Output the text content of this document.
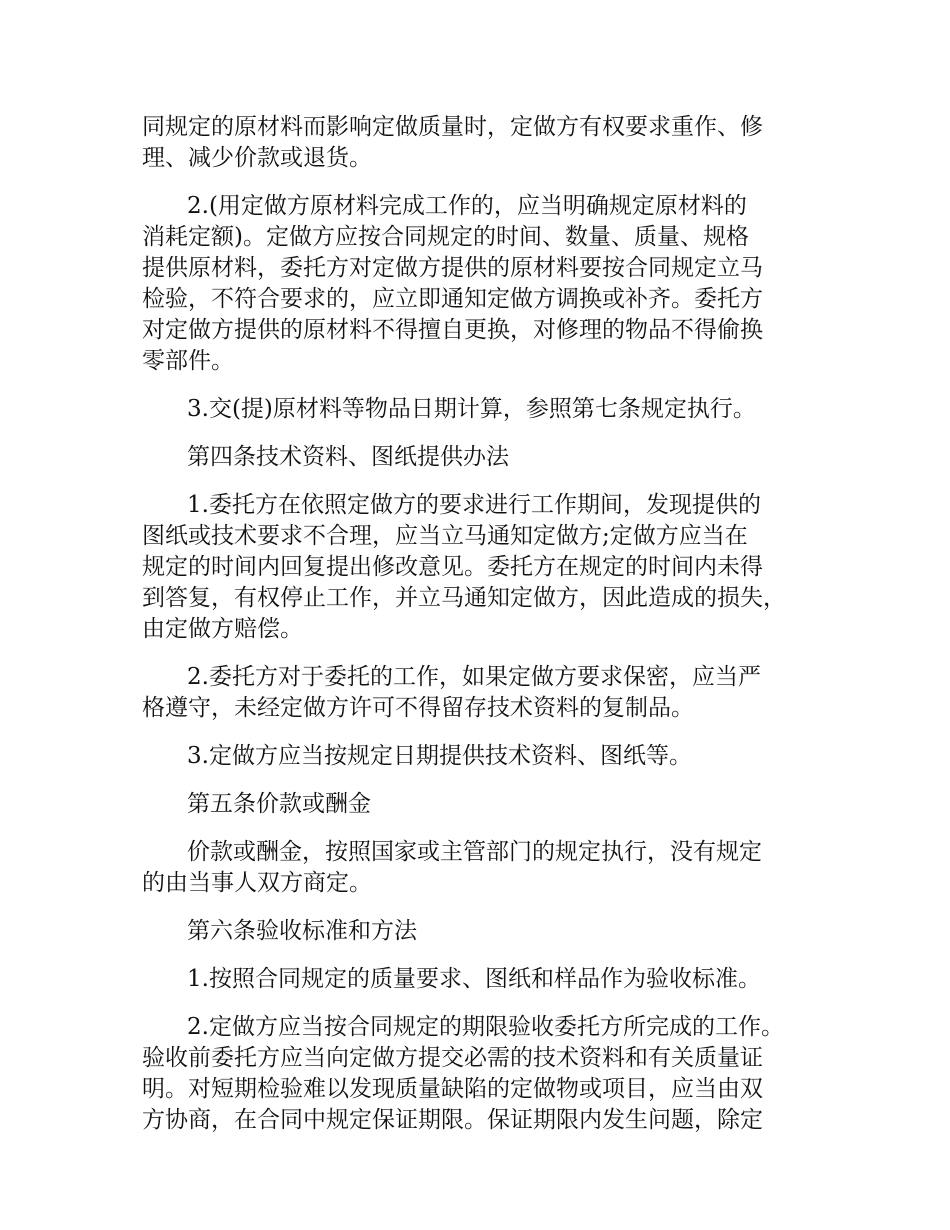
同规定的原材料而影响定做质量时，定做方有权要求重作、修
理、减少价款或退货。

2.(用定做方原材料完成工作的，应当明确规定原材料的
消耗定额)。定做方应按合同规定的时间、数量、质量、规格
提供原材料，委托方对定做方提供的原材料要按合同规定立马
检验，不符合要求的，应立即通知定做方调换或补齐。委托方
对定做方提供的原材料不得擅自更换，对修理的物品不得偷换
零部件。

3.交(提)原材料等物品日期计算，参照第七条规定执行。

第四条技术资料、图纸提供办法

1.委托方在依照定做方的要求进行工作期间，发现提供的
图纸或技术要求不合理，应当立马通知定做方;定做方应当在
规定的时间内回复提出修改意见。委托方在规定的时间内未得
到答复，有权停止工作，并立马通知定做方，因此造成的损失，
由定做方赔偿。

2.委托方对于委托的工作，如果定做方要求保密，应当严
格遵守，未经定做方许可不得留存技术资料的复制品。

3.定做方应当按规定日期提供技术资料、图纸等。

第五条价款或酬金

价款或酬金，按照国家或主管部门的规定执行，没有规定
的由当事人双方商定。

第六条验收标准和方法

1.按照合同规定的质量要求、图纸和样品作为验收标准。

2.定做方应当按合同规定的期限验收委托方所完成的工作。
验收前委托方应当向定做方提交必需的技术资料和有关质量证
明。对短期检验难以发现质量缺陷的定做物或项目，应当由双
方协商，在合同中规定保证期限。保证期限内发生问题，除定
